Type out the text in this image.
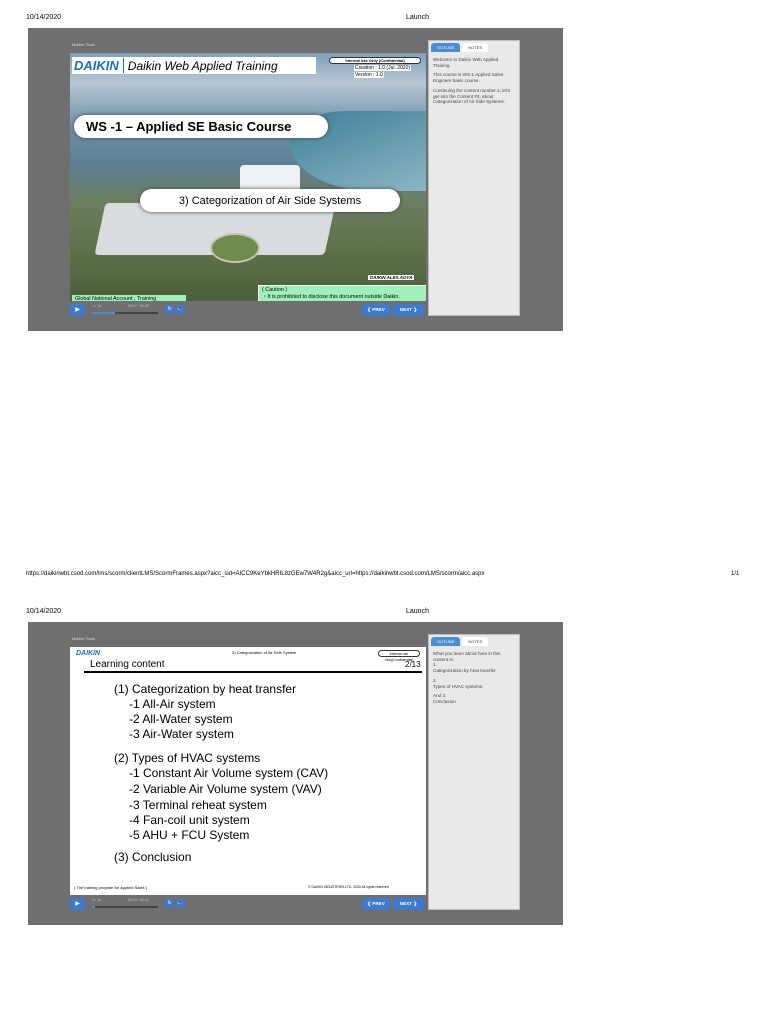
10/14/2020	Launch
Marker Tools
DAIKIN Daikin Web Applied Training	Internal use Only (Confidential)
Creation ; 1.0 (Jul. 2020)
Version ; 1.0
WS -1 – Applied SE Basic Course
3) Categorization of Air Side Systems
DAIKIN ALES AOYA
Global National Account , Training
( Caution )
・It is prohibited to disclose this document outside Daikin.
OUTLINE	NOTES

Welcome to Daikin Web Applied Training.

This course is WS-1 Applied Sales Engineer basic course.

Continuing the content number 2, let's get into the Content #3, about Categorization of Air Side Systems.

▶
1 / 14	00:07 / 00:20	↻	🔈	❮ PREV	NEXT ❯
https://daikinwbt.csod.com/lms/scorm/clientLMS/ScormFrames.aspx?aicc_sid=AICC9KeYbkHRIL8zGEw7W4R2g&aicc_url=https://daikinwbt.csod.com/LMS/scorm/aicc.aspx	1/1
10/14/2020	Launch
Marker Tools
DAIKIN	3) Categorization of Air Side System	Internal use Only(Confidential)
Learning content	2/13
(1) Categorization by heat transfer
-1 All-Air system
-2 All-Water system
-3 Air-Water system
(2) Types of HVAC systems
-1 Constant Air Volume system (CAV)
-2 Variable Air Volume system (VAV)
-3 Terminal reheat system
-4 Fan-coil unit system
-5 AHU + FCU System
(3) Conclusion
( The training program for Applied Sales )	© DAIKIN INDUSTRIES,LTD. 2020 All rights reserved
OUTLINE	NOTES
What you learn about here in this content is:
1.
Categorization by heat transfer
2.
Types of HVAC systems.
And 3.
Conclusion
▶
2 / 14	00:01 / 00:21	↻	🔈	❮ PREV	NEXT ❯
